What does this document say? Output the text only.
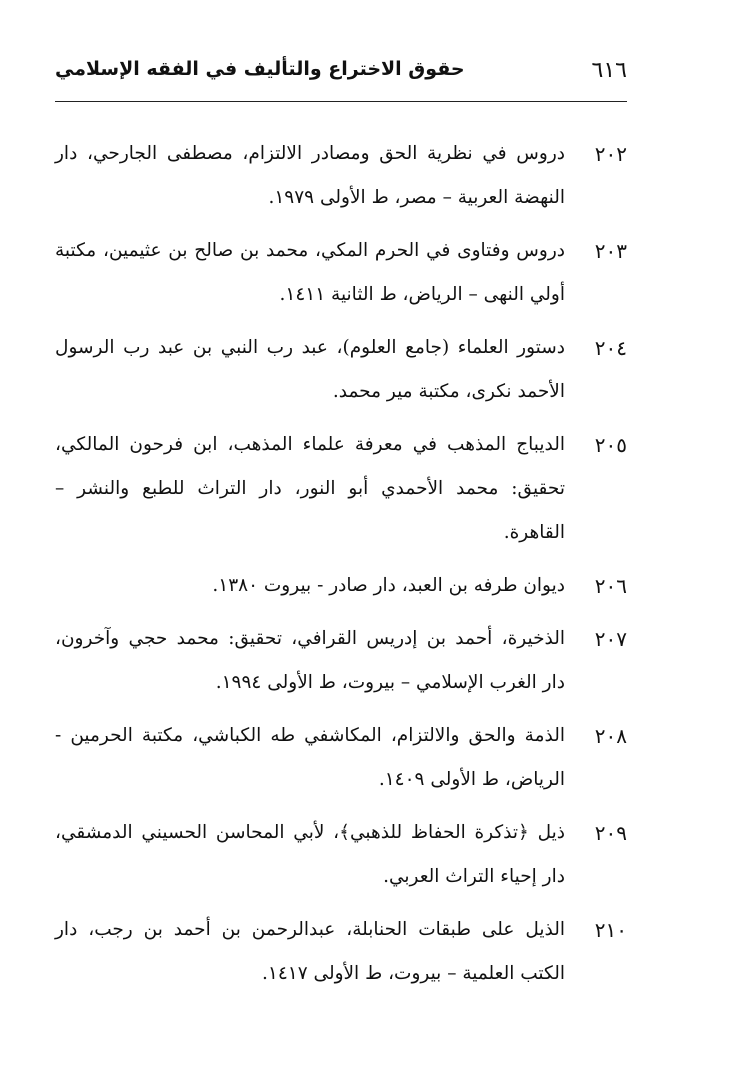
٦١٦
حقوق الاختراع والتأليف في الفقه الإسلامي
٢٠٢
دروس في نظرية الحق ومصادر الالتزام، مصطفى الجارحي، دار النهضة العربية – مصر، ط الأولى ١٩٧٩.
٢٠٣
دروس وفتاوى في الحرم المكي، محمد بن صالح بن عثيمين، مكتبة أولي النهى – الرياض، ط الثانية ١٤١١.
٢٠٤
دستور العلماء (جامع العلوم)، عبد رب النبي بن عبد رب الرسول الأحمد نكرى، مكتبة مير محمد.
٢٠٥
الديباج المذهب في معرفة علماء المذهب، ابن فرحون المالكي، تحقيق: محمد الأحمدي أبو النور، دار التراث للطبع والنشر – القاهرة.
٢٠٦
ديوان طرفه بن العبد، دار صادر - بيروت ١٣٨٠.
٢٠٧
الذخيرة، أحمد بن إدريس القرافي، تحقيق: محمد حجي وآخرون، دار الغرب الإسلامي – بيروت، ط الأولى ١٩٩٤.
٢٠٨
الذمة والحق والالتزام، المكاشفي طه الكباشي، مكتبة الحرمين - الرياض، ط الأولى ١٤٠٩.
٢٠٩
ذيل ﴿تذكرة الحفاظ للذهبي﴾، لأبي المحاسن الحسيني الدمشقي، دار إحياء التراث العربي.
٢١٠
الذيل على طبقات الحنابلة، عبدالرحمن بن أحمد بن رجب، دار الكتب العلمية – بيروت، ط الأولى ١٤١٧.
